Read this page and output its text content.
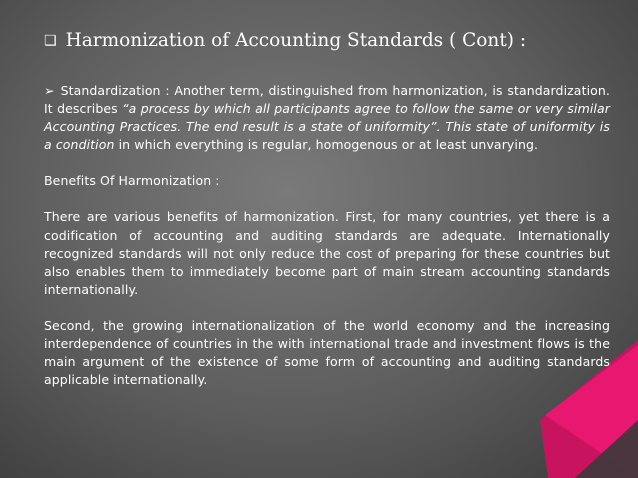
❑ Harmonization of Accounting Standards ( Cont) :

➢ Standardization : Another term, distinguished from harmonization, is standardization. It describes “a process by which all participants agree to follow the same or very similar Accounting Practices. The end result is a state of uniformity”. This state of uniformity is a condition in which everything is regular, homogenous or at least unvarying.

Benefits Of Harmonization :

There are various benefits of harmonization. First, for many countries, yet there is a codification of accounting and auditing standards are adequate. Internationally recognized standards will not only reduce the cost of preparing for these countries but also enables them to immediately become part of main stream accounting standards internationally.

Second, the growing internationalization of the world economy and the increasing interdependence of countries in the with international trade and investment flows is the main argument of the existence of some form of accounting and auditing standards applicable internationally.
